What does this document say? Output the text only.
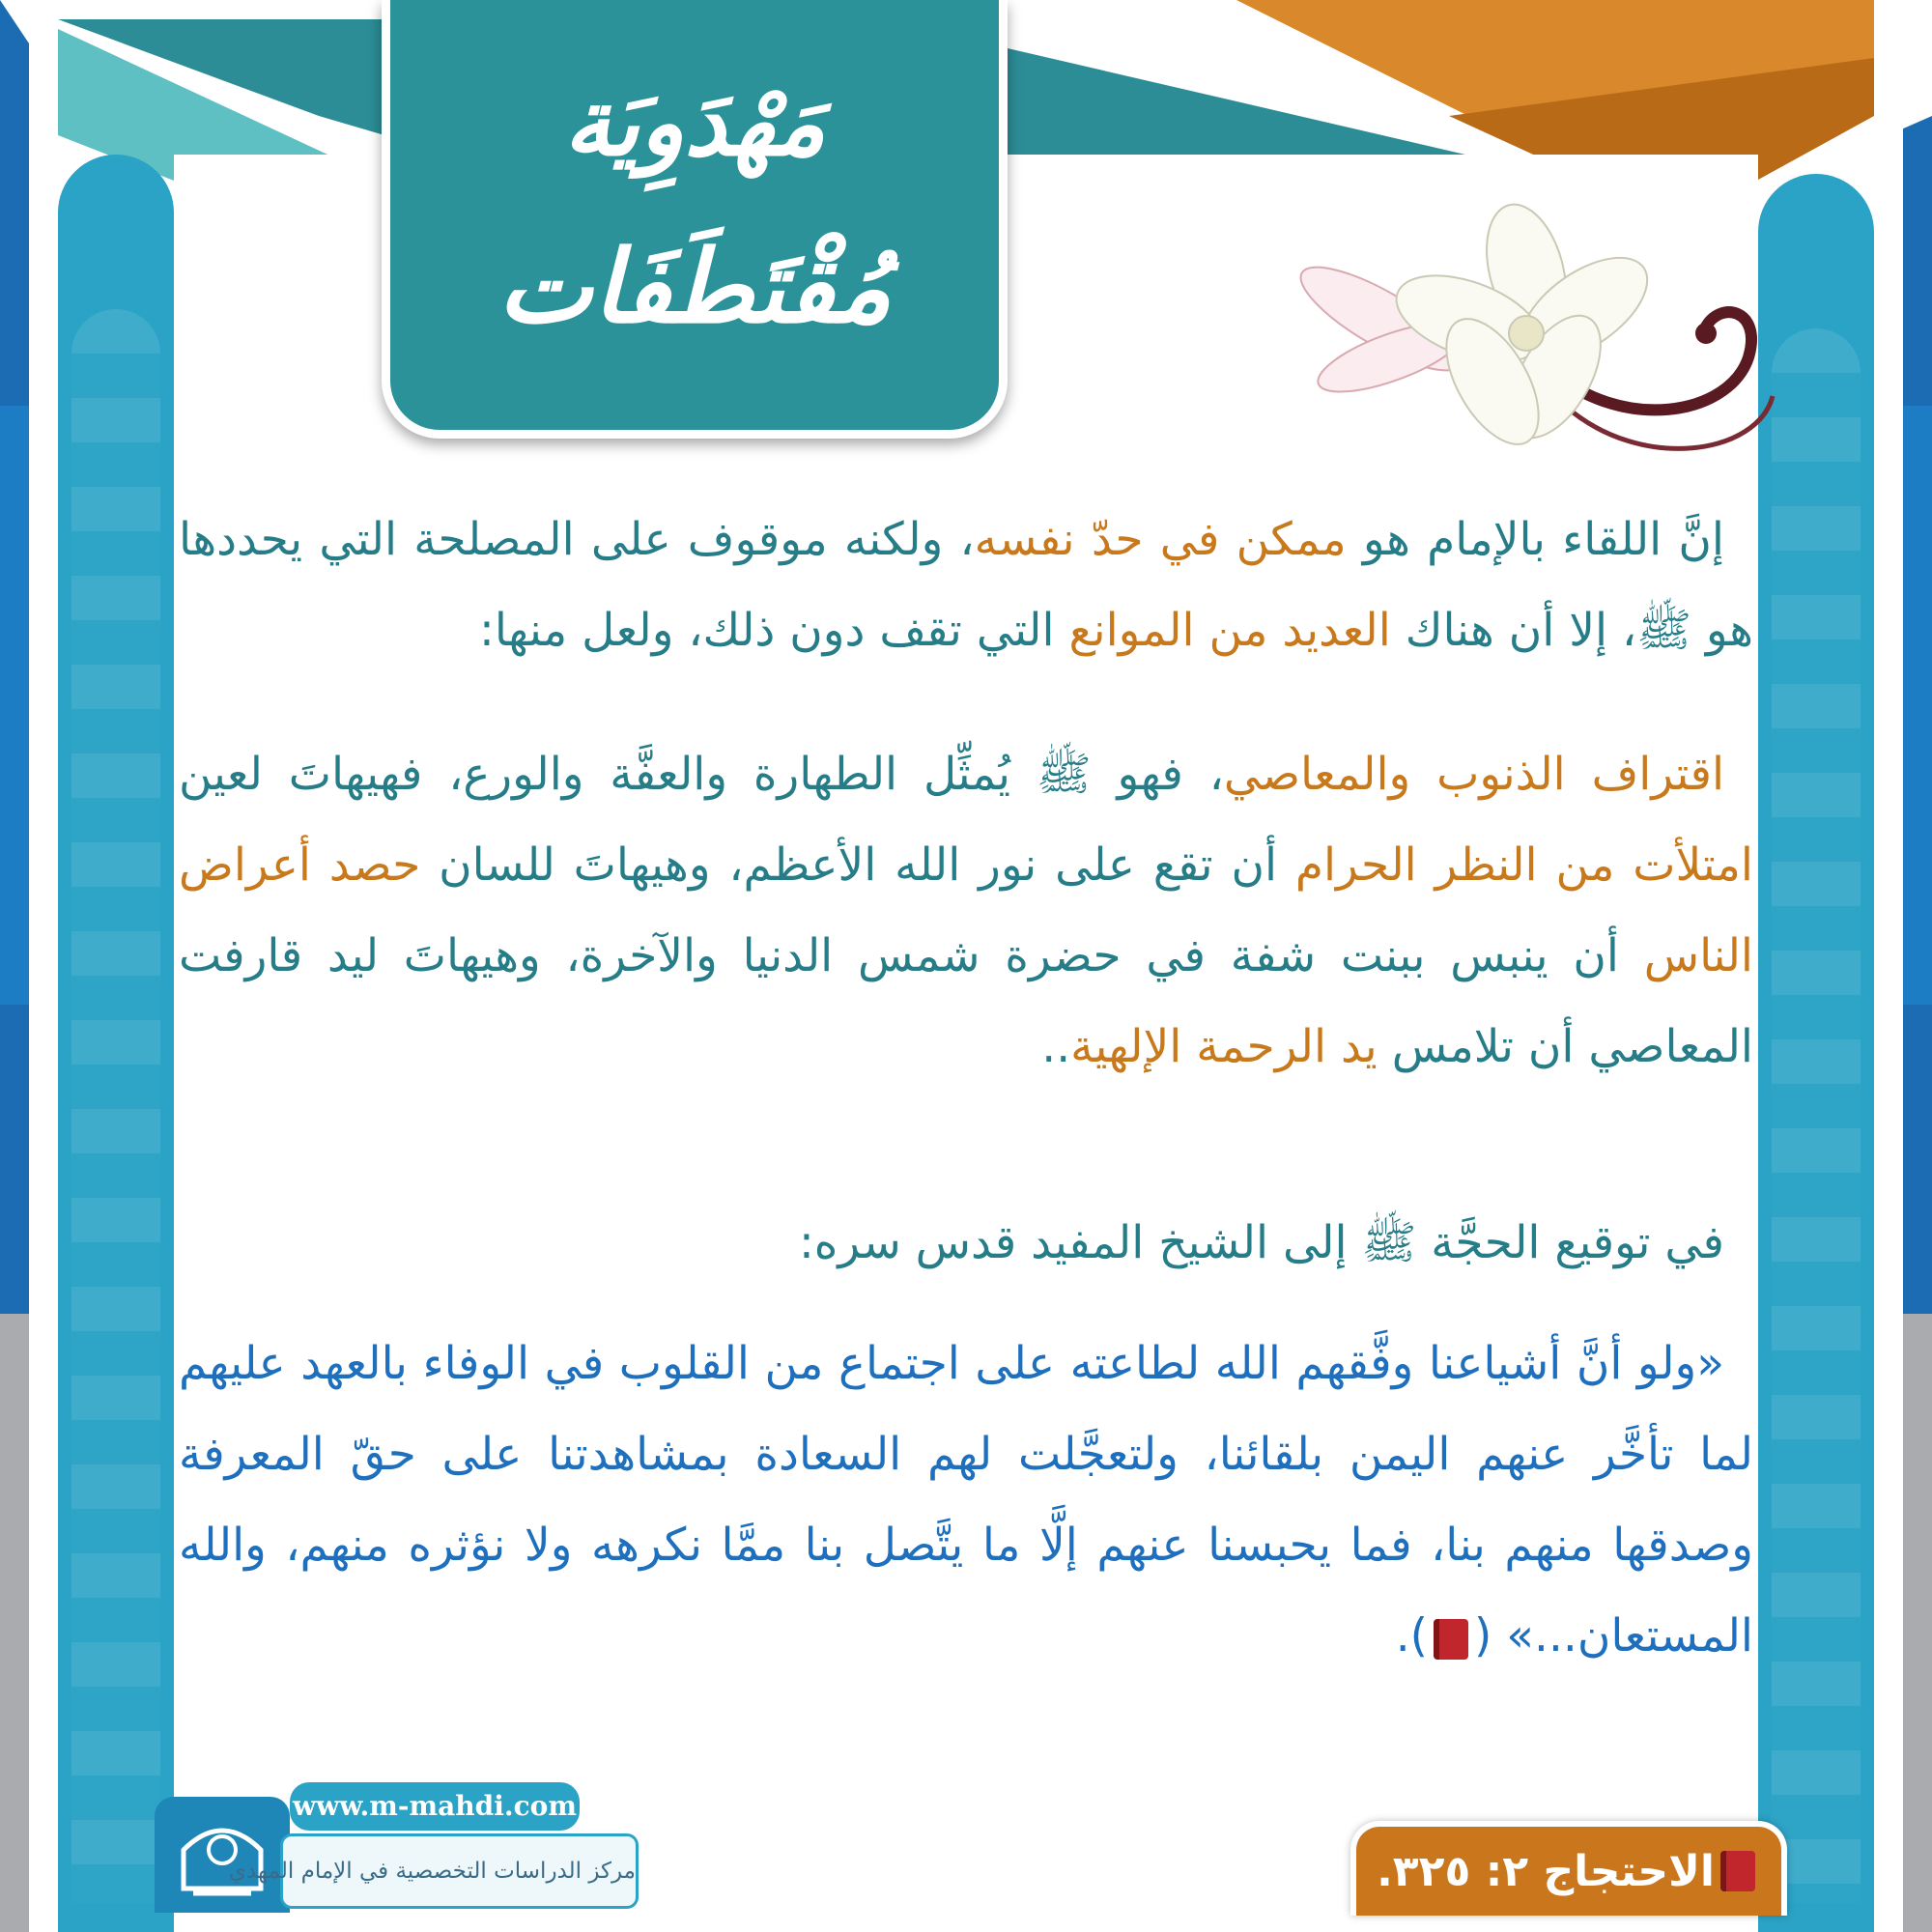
مَهْدَوِيَة
مُقْتَطَفَات
إنَّ اللقاء بالإمام هو ممكن في حدّ نفسه، ولكنه موقوف على المصلحة التي يحددها هو ﷺ، إلا أن هناك العديد من الموانع التي تقف دون ذلك، ولعل منها:
اقتراف الذنوب والمعاصي، فهو ﷺ يُمثِّل الطهارة والعفَّة والورع، فهيهاتَ لعين امتلأت من النظر الحرام أن تقع على نور الله الأعظم، وهيهاتَ للسان حصد أعراض الناس أن ينبس ببنت شفة في حضرة شمس الدنيا والآخرة، وهيهاتَ ليد قارفت المعاصي أن تلامس يد الرحمة الإلهية..
في توقيع الحجَّة ﷺ إلى الشيخ المفيد قدس سره:
«ولو أنَّ أشياعنا وفَّقهم الله لطاعته على اجتماع من القلوب في الوفاء بالعهد عليهم لما تأخَّر عنهم اليمن بلقائنا، ولتعجَّلت لهم السعادة بمشاهدتنا على حقّ المعرفة وصدقها منهم بنا، فما يحبسنا عنهم إلَّا ما يتَّصل بنا ممَّا نكرهه ولا نؤثره منهم، والله المستعان...» ().
الاحتجاج ٢: ٣٢٥.
www.m-mahdi.com
مركز الدراسات التخصصية في الإمام المهدي
